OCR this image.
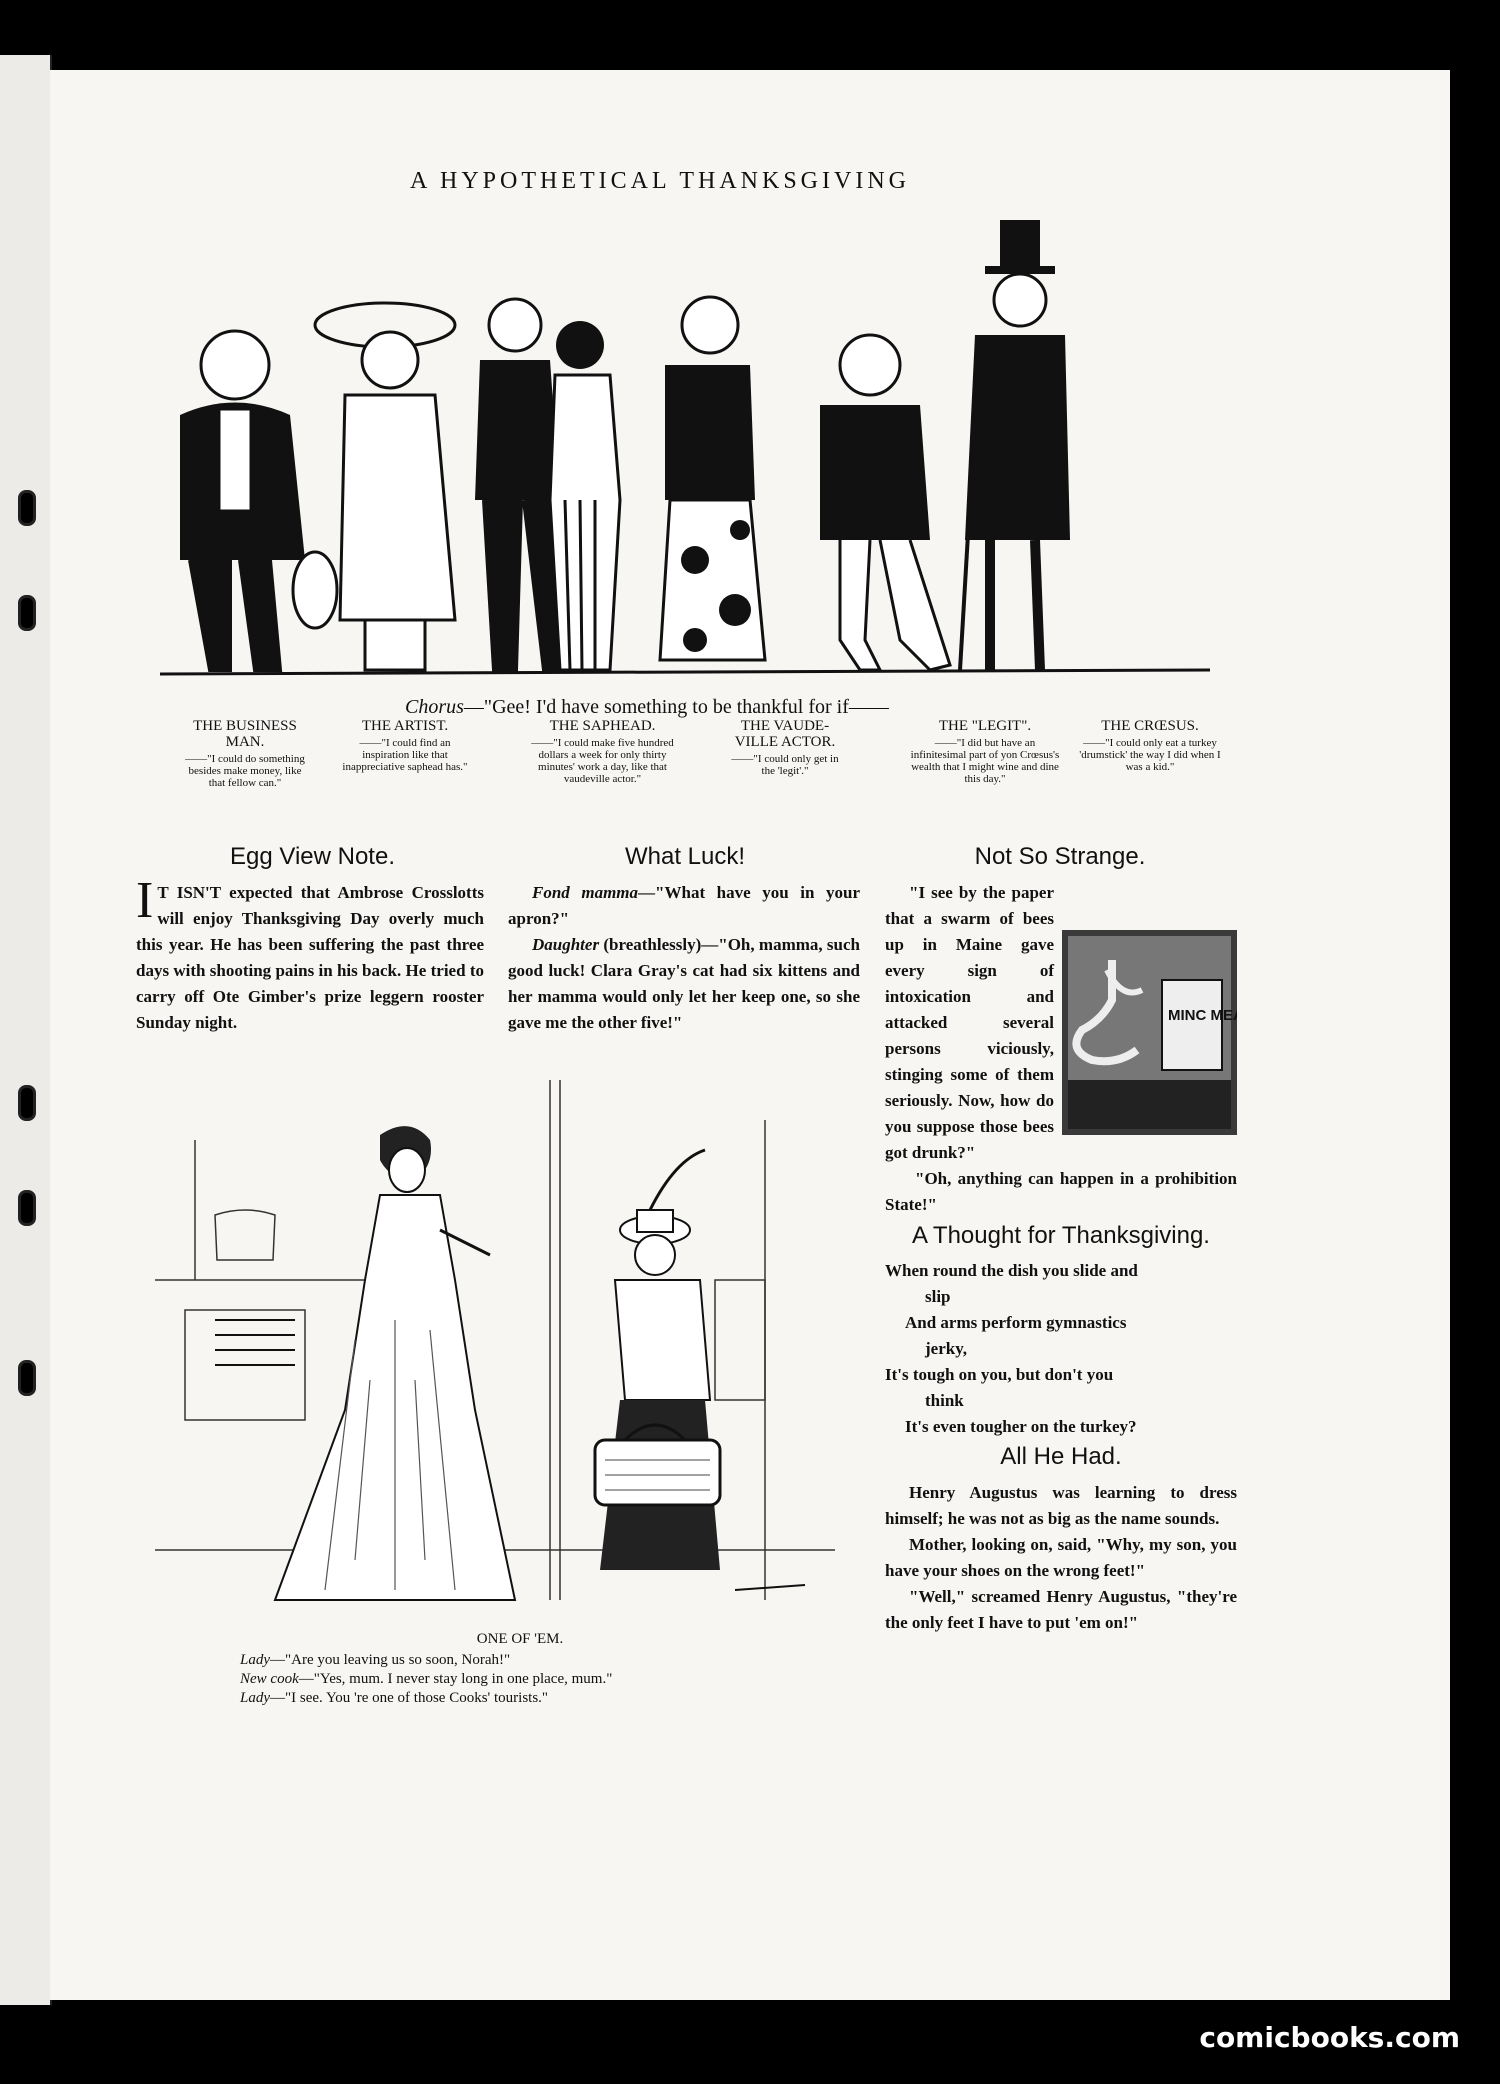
A HYPOTHETICAL THANKSGIVING
Chorus—"Gee! I'd have something to be thankful for if——
THE BUSINESS MAN.
——"I could do something besides make money, like that fellow can."
THE ARTIST.
——"I could find an inspiration like that inappreciative saphead has."
THE SAPHEAD.
——"I could make five hundred dollars a week for only thirty minutes' work a day, like that vaudeville actor."
THE VAUDE-VILLE ACTOR.
——"I could only get in the 'legit'."
THE "LEGIT".
——"I did but have an infinitesimal part of yon Crœsus's wealth that I might wine and dine this day."
THE CRŒSUS.
——"I could only eat a turkey 'drumstick' the way I did when I was a kid."
Egg View Note.

I T ISN'T expected that Ambrose Crosslotts will enjoy Thanksgiving Day overly much this year. He has been suffering the past three days with shooting pains in his back. He tried to carry off Ote Gimber's prize leggern rooster Sunday night.

What Luck!

Fond mamma—"What have you in your apron?"

Daughter (breathlessly)—"Oh, mamma, such good luck! Clara Gray's cat had six kittens and her mamma would only let her keep one, so she gave me the other five!"

Not So Strange.
MINC MEA

"I see by the paper that a swarm of bees up in Maine gave every sign of intoxication and attacked several persons viciously, stinging some of them seriously. Now, how do you suppose those bees got drunk?"

"Oh, anything can happen in a prohibition State!"

A Thought for Thanksgiving.

When round the dish you slide and

slip

And arms perform gymnastics

jerky,

It's tough on you, but don't you

think

It's even tougher on the turkey?

All He Had.

Henry Augustus was learning to dress himself; he was not as big as the name sounds.

Mother, looking on, said, "Why, my son, you have your shoes on the wrong feet!"

"Well," screamed Henry Augustus, "they're the only feet I have to put 'em on!"

ONE OF 'EM.
Lady—"Are you leaving us so soon, Norah!"
New cook—"Yes, mum. I never stay long in one place, mum."
Lady—"I see. You 're one of those Cooks' tourists."
comicbooks.com
